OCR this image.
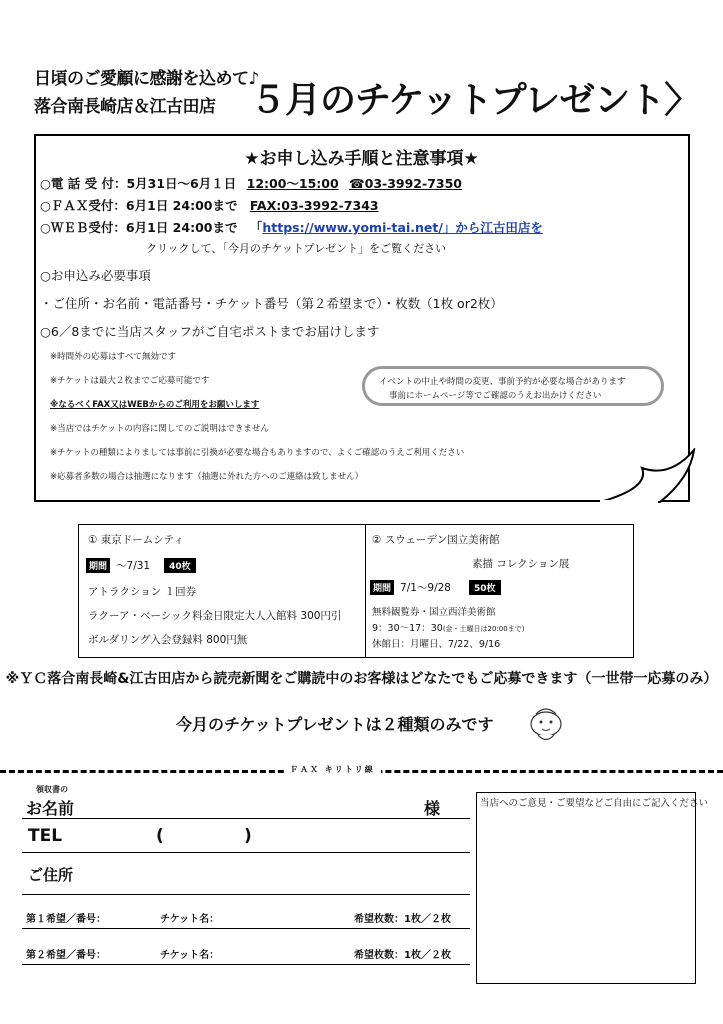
日頃のご愛顧に感謝を込めて♪
落合南長崎店＆江古田店 ５月のチケットプレゼント〉
★お申し込み手順と注意事項★
○電 話 受 付：5月31日～6月１日 12:00～15:00 ☎03-3992-7350
○ＦＡＸ受付：6月1日 24:00まで FAX:03-3992-7343
○ＷＥＢ受付：6月1日 24:00まで 「https://www.yomi-tai.net/」から江古田店を
クリックして、「今月のチケットプレゼント」をご覧ください
○お申込み必要事項
・ご住所・お名前・電話番号・チケット番号（第２希望まで）・枚数（1枚 or2枚）
○6／8までに当店スタッフがご自宅ポストまでお届けします
※時間外の応募はすべて無効です
※チケットは最大２枚までご応募可能です
※なるべくFAX又はWEBからのご利用をお願いします
※当店ではチケットの内容に関してのご説明はできません
※チケットの種類によりましては事前に引換が必要な場合もありますので、よくご確認のうえご利用ください
※応募者多数の場合は抽選になります（抽選に外れた方へのご連絡は致しません）
イベントの中止や時間の変更、事前予約が必要な場合があります
事前にホームページ等でご確認のうえお出かけください
① 東京ドームシティ
期間 ～7/31 40枚
アトラクション １回券
ラクーア・ベーシック料金日限定大人入館料 300円引
ボルダリング入会登録料 800円無
② スウェーデン国立美術館
素描 コレクション展
期間 7/1～9/28	50枚
無料観覧券・国立西洋美術館
9：30～17：30(金・土曜日は20:00まで)
休館日：月曜日、7/22、9/16
※ＹＣ落合南長崎&江古田店から読売新聞をご購読中のお客様はどなたでもご応募できます（一世帯一応募のみ）
今月のチケットプレゼントは２種類のみです
ＦＡＸ キリトリ線
領収書の
お名前	様
TEL	(	)
ご住所
第１希望／番号：	チケット名：	希望枚数：1枚／２枚
第２希望／番号：	チケット名：	希望枚数：1枚／２枚
当店へのご意見・ご要望などご自由にご記入ください
